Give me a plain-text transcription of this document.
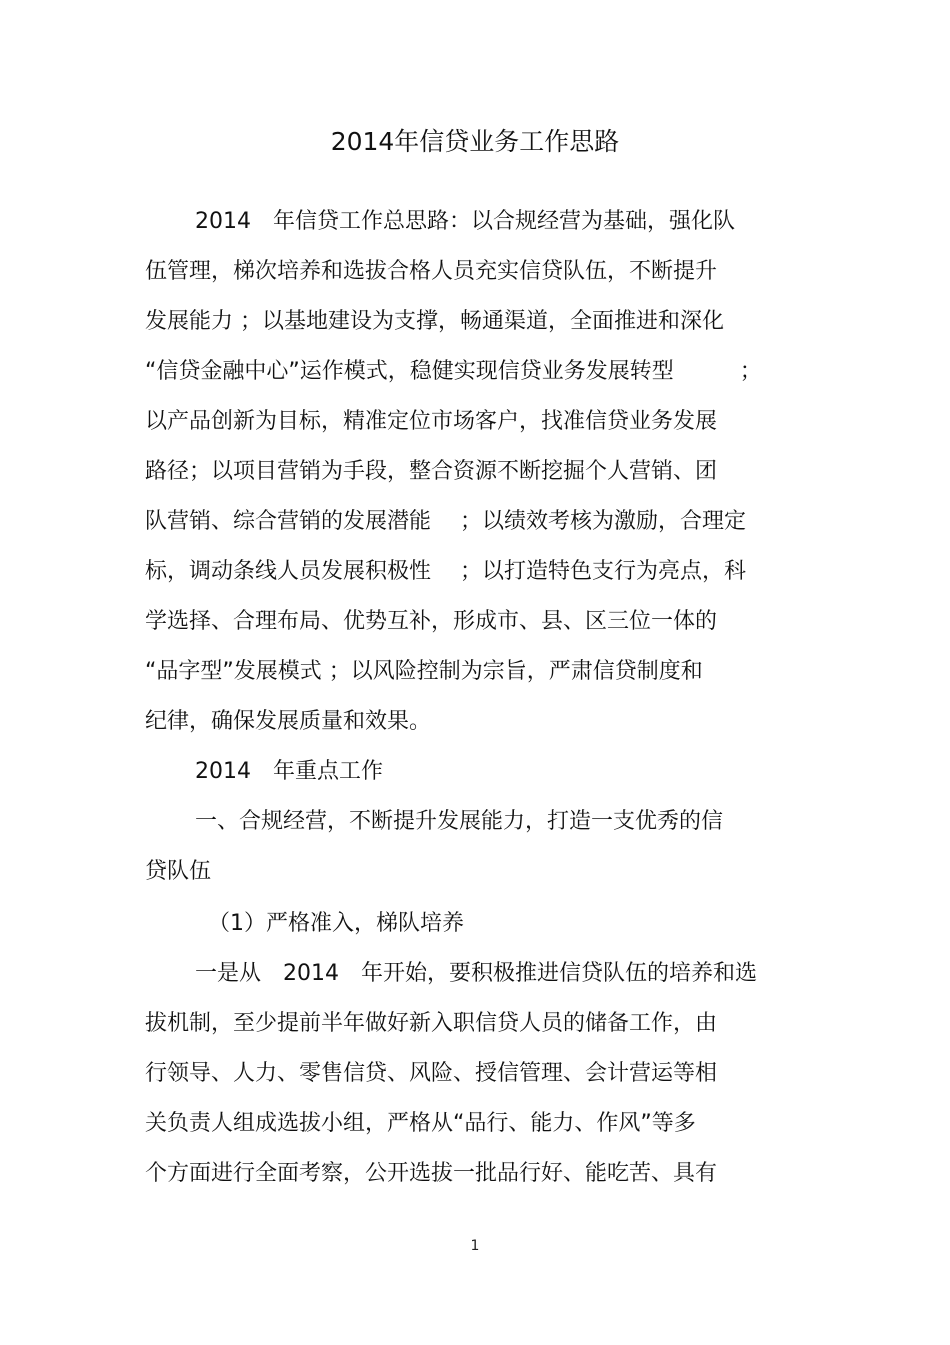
2014年信贷业务工作思路
2014　年信贷工作总思路：以合规经营为基础，强化队
伍管理，梯次培养和选拔合格人员充实信贷队伍，不断提升
发展能力 ；以基地建设为支撑，畅通渠道，全面推进和深化
“信贷金融中心”运作模式，稳健实现信贷业务发展转型　　　；
以产品创新为目标，精准定位市场客户，找准信贷业务发展
路径；以项目营销为手段，整合资源不断挖掘个人营销、团
队营销、综合营销的发展潜能　 ；以绩效考核为激励，合理定
标，调动条线人员发展积极性　 ；以打造特色支行为亮点，科
学选择、合理布局、优势互补，形成市、县、区三位一体的
“品字型”发展模式 ；以风险控制为宗旨，严肃信贷制度和
纪律，确保发展质量和效果。
2014　年重点工作
一、合规经营，不断提升发展能力，打造一支优秀的信
贷队伍
（1）严格准入，梯队培养
一是从　2014　年开始，要积极推进信贷队伍的培养和选
拔机制，至少提前半年做好新入职信贷人员的储备工作，由
行领导、人力、零售信贷、风险、授信管理、会计营运等相
关负责人组成选拔小组，严格从“品行、能力、作风”等多
个方面进行全面考察，公开选拔一批品行好、能吃苦、具有
1
